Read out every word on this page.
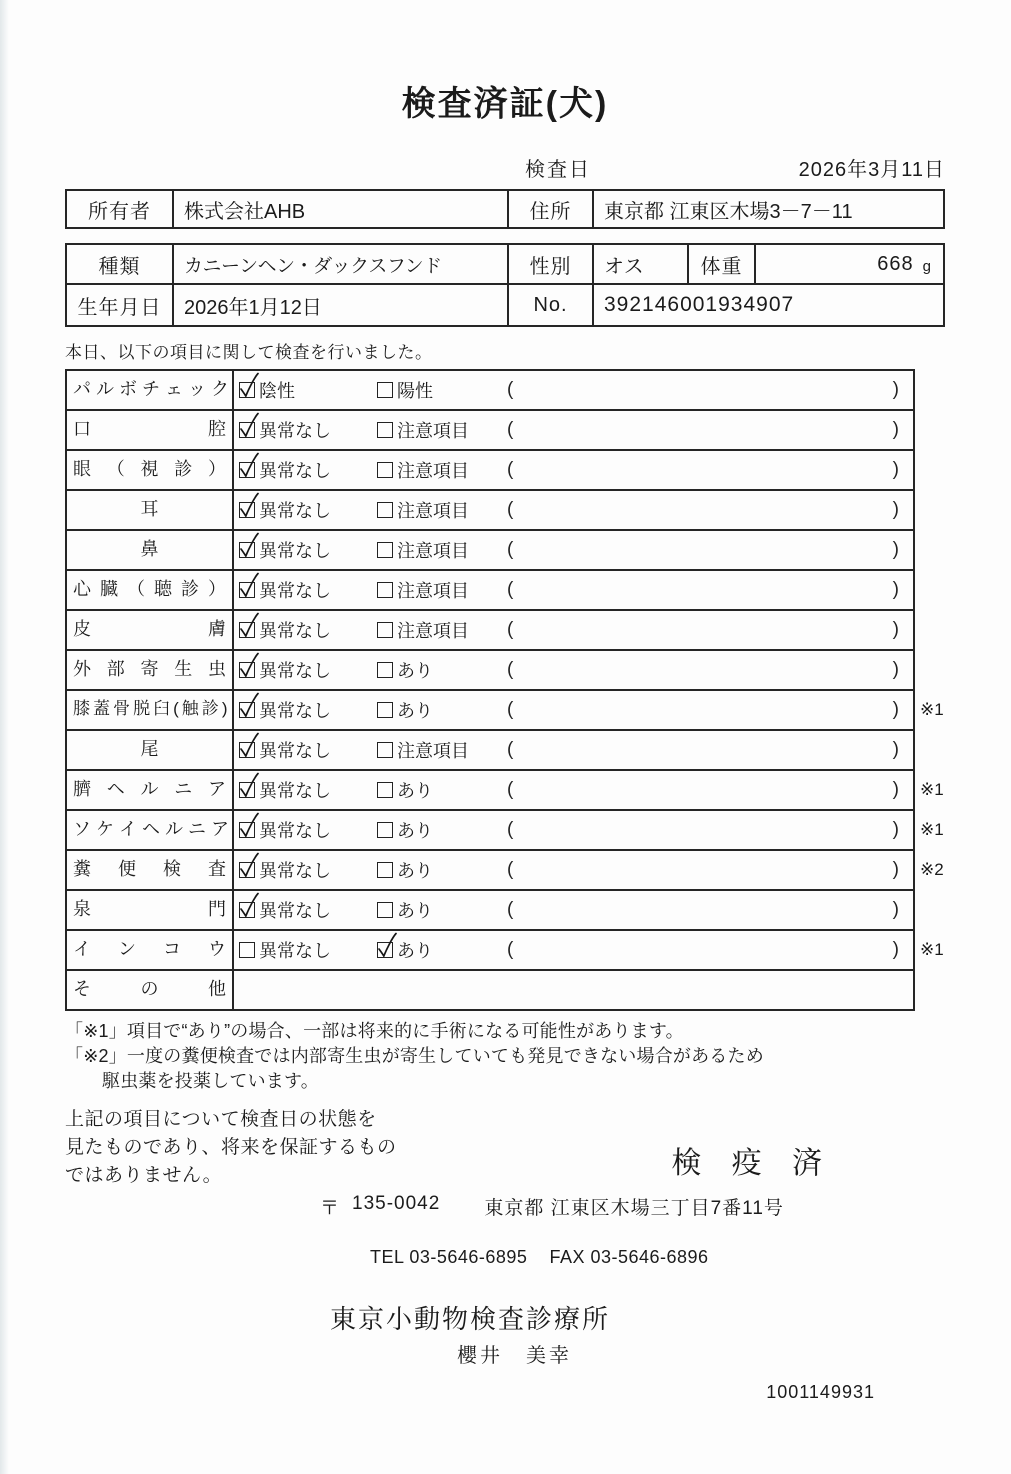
検査済証(犬)
検査日	2026年3月11日
所有者	株式会社AHB	住所	東京都 江東区木場3－7－11
種類	カニーンヘン・ダックスフンド	性別	オス	体重	668 g
生年月日	2026年1月12日	No.	392146001934907
本日、以下の項目に関して検査を行いました。
パ ル ボ チ ェ ッ ク 陰性	陽性	(	)
口 腔	異常なし	注意項目 (	)
眼 （ 視 診 ）	異常なし	注意項目 (	)
耳	異常なし	注意項目 (	)
鼻	異常なし	注意項目 (	)
心 臓 （ 聴 診 ）	異常なし	注意項目 (	)
皮 膚	異常なし	注意項目 (	)
外 部 寄 生 虫	異常なし	あり	(	)
膝蓋骨脱臼(触診)	異常なし	あり	(	) ※1
尾	異常なし	注意項目 (	)
臍 ヘ ル ニ ア	異常なし	あり	(	) ※1
ソ ケ イ ヘ ル ニ ア 異常なし	あり	(	) ※1
糞 便 検 査	異常なし	あり	(	) ※2
泉 門	異常なし	あり	(	)
イ ン コ ウ	異常なし	あり	(	) ※1
そ の 他
「※1」項目で“あり”の場合、一部は将来的に手術になる可能性があります。
「※2」一度の糞便検査では内部寄生虫が寄生していても発見できない場合があるため
駆虫薬を投薬しています。
上記の項目について検査日の状態を
見たものであり、将来を保証するもの
ではありません。	検 疫 済
〒 135-0042 東京都 江東区木場三丁目7番11号
TEL 03-5646-6895 FAX 03-5646-6896
東京小動物検査診療所
櫻井　美幸
1001149931
